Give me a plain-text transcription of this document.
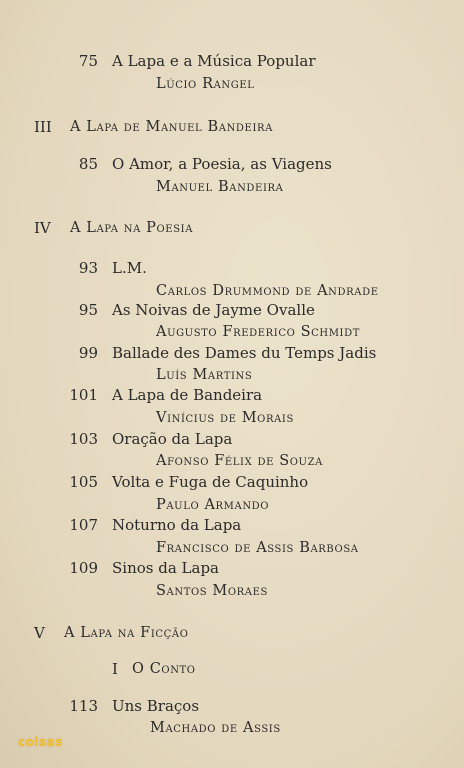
75 A Lapa e a Música Popular
Lúcio Rangel
III A Lapa de Manuel Bandeira
85 O Amor, a Poesia, as Viagens
Manuel Bandeira
IV A Lapa na Poesia
93 L.M.
Carlos Drummond de Andrade
95 As Noivas de Jayme Ovalle
Augusto Frederico Schmidt
99 Ballade des Dames du Temps Jadis
Luís Martins
101 A Lapa de Bandeira
Vinícius de Morais
103 Oração da Lapa
Afonso Félix de Souza
105 Volta e Fuga de Caquinho
Paulo Armando
107 Noturno da Lapa
Francisco de Assis Barbosa
109 Sinos da Lapa
Santos Moraes
V A Lapa na Ficção
I O Conto
113 Uns Braços
Machado de Assis
coisas
